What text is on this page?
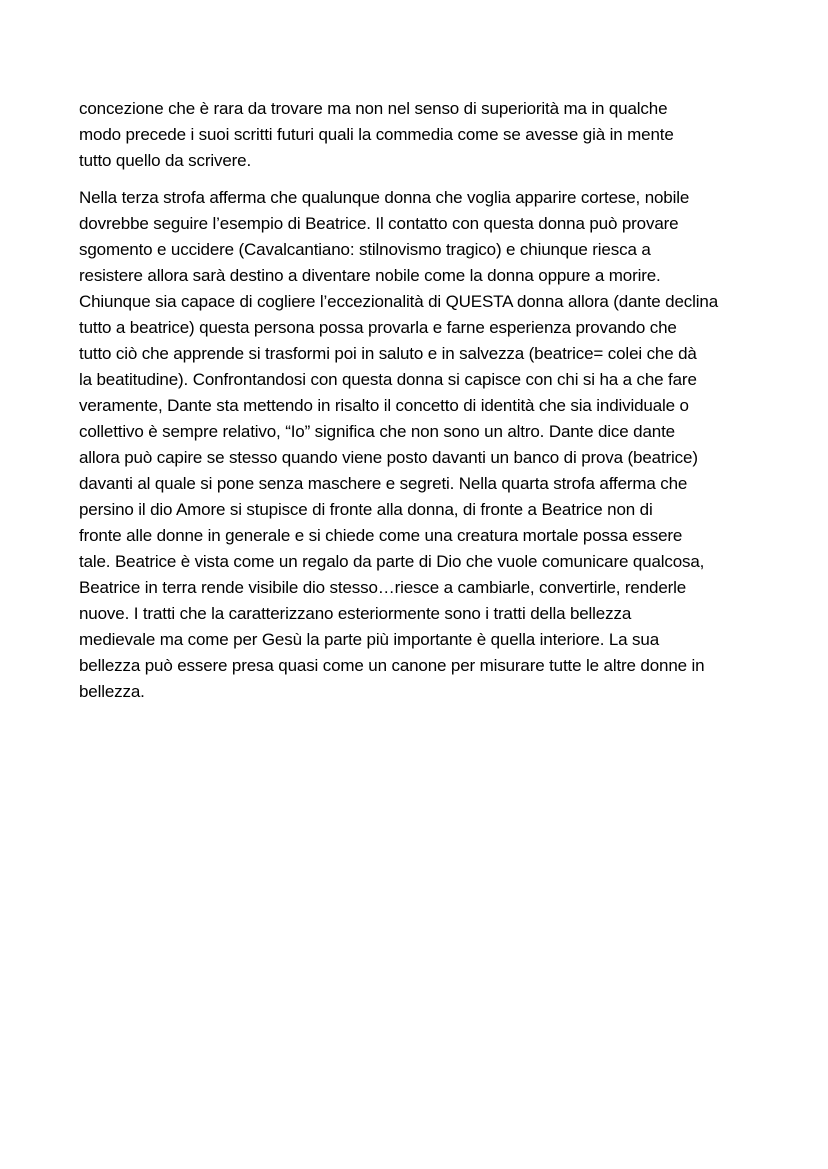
concezione che è rara da trovare ma non nel senso di superiorità ma in qualche
modo precede i suoi scritti futuri quali la commedia come se avesse già in mente
tutto quello da scrivere.
Nella terza strofa afferma che qualunque donna che voglia apparire cortese, nobile
dovrebbe seguire l’esempio di Beatrice. Il contatto con questa donna può provare
sgomento e uccidere (Cavalcantiano: stilnovismo tragico) e chiunque riesca a
resistere allora sarà destino a diventare nobile come la donna oppure a morire.
Chiunque sia capace di cogliere l’eccezionalità di QUESTA donna allora (dante declina
tutto a beatrice) questa persona possa provarla e farne esperienza provando che
tutto ciò che apprende si trasformi poi in saluto e in salvezza (beatrice= colei che dà
la beatitudine). Confrontandosi con questa donna si capisce con chi si ha a che fare
veramente, Dante sta mettendo in risalto il concetto di identità che sia individuale o
collettivo è sempre relativo, “Io” significa che non sono un altro. Dante dice dante
allora può capire se stesso quando viene posto davanti un banco di prova (beatrice)
davanti al quale si pone senza maschere e segreti. Nella quarta strofa afferma che
persino il dio Amore si stupisce di fronte alla donna, di fronte a Beatrice non di
fronte alle donne in generale e si chiede come una creatura mortale possa essere
tale. Beatrice è vista come un regalo da parte di Dio che vuole comunicare qualcosa,
Beatrice in terra rende visibile dio stesso…riesce a cambiarle, convertirle, renderle
nuove. I tratti che la caratterizzano esteriormente sono i tratti della bellezza
medievale ma come per Gesù la parte più importante è quella interiore. La sua
bellezza può essere presa quasi come un canone per misurare tutte le altre donne in
bellezza.
